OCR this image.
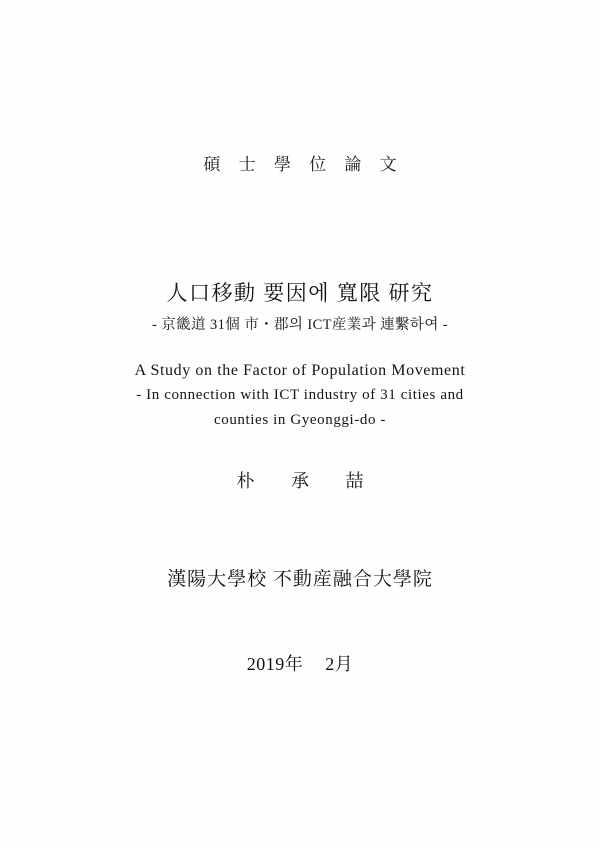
碩 士 學 位 論 文
人口移動 要因에 寬限 研究
- 京畿道 31個 市・郡의 ICT産業과 連繫하여 -
A Study on the Factor of Population Movement
- In connection with ICT industry of 31 cities and
counties in Gyeonggi-do -
朴 承 喆
漢陽大學校 不動産融合大學院
2019年 2月
